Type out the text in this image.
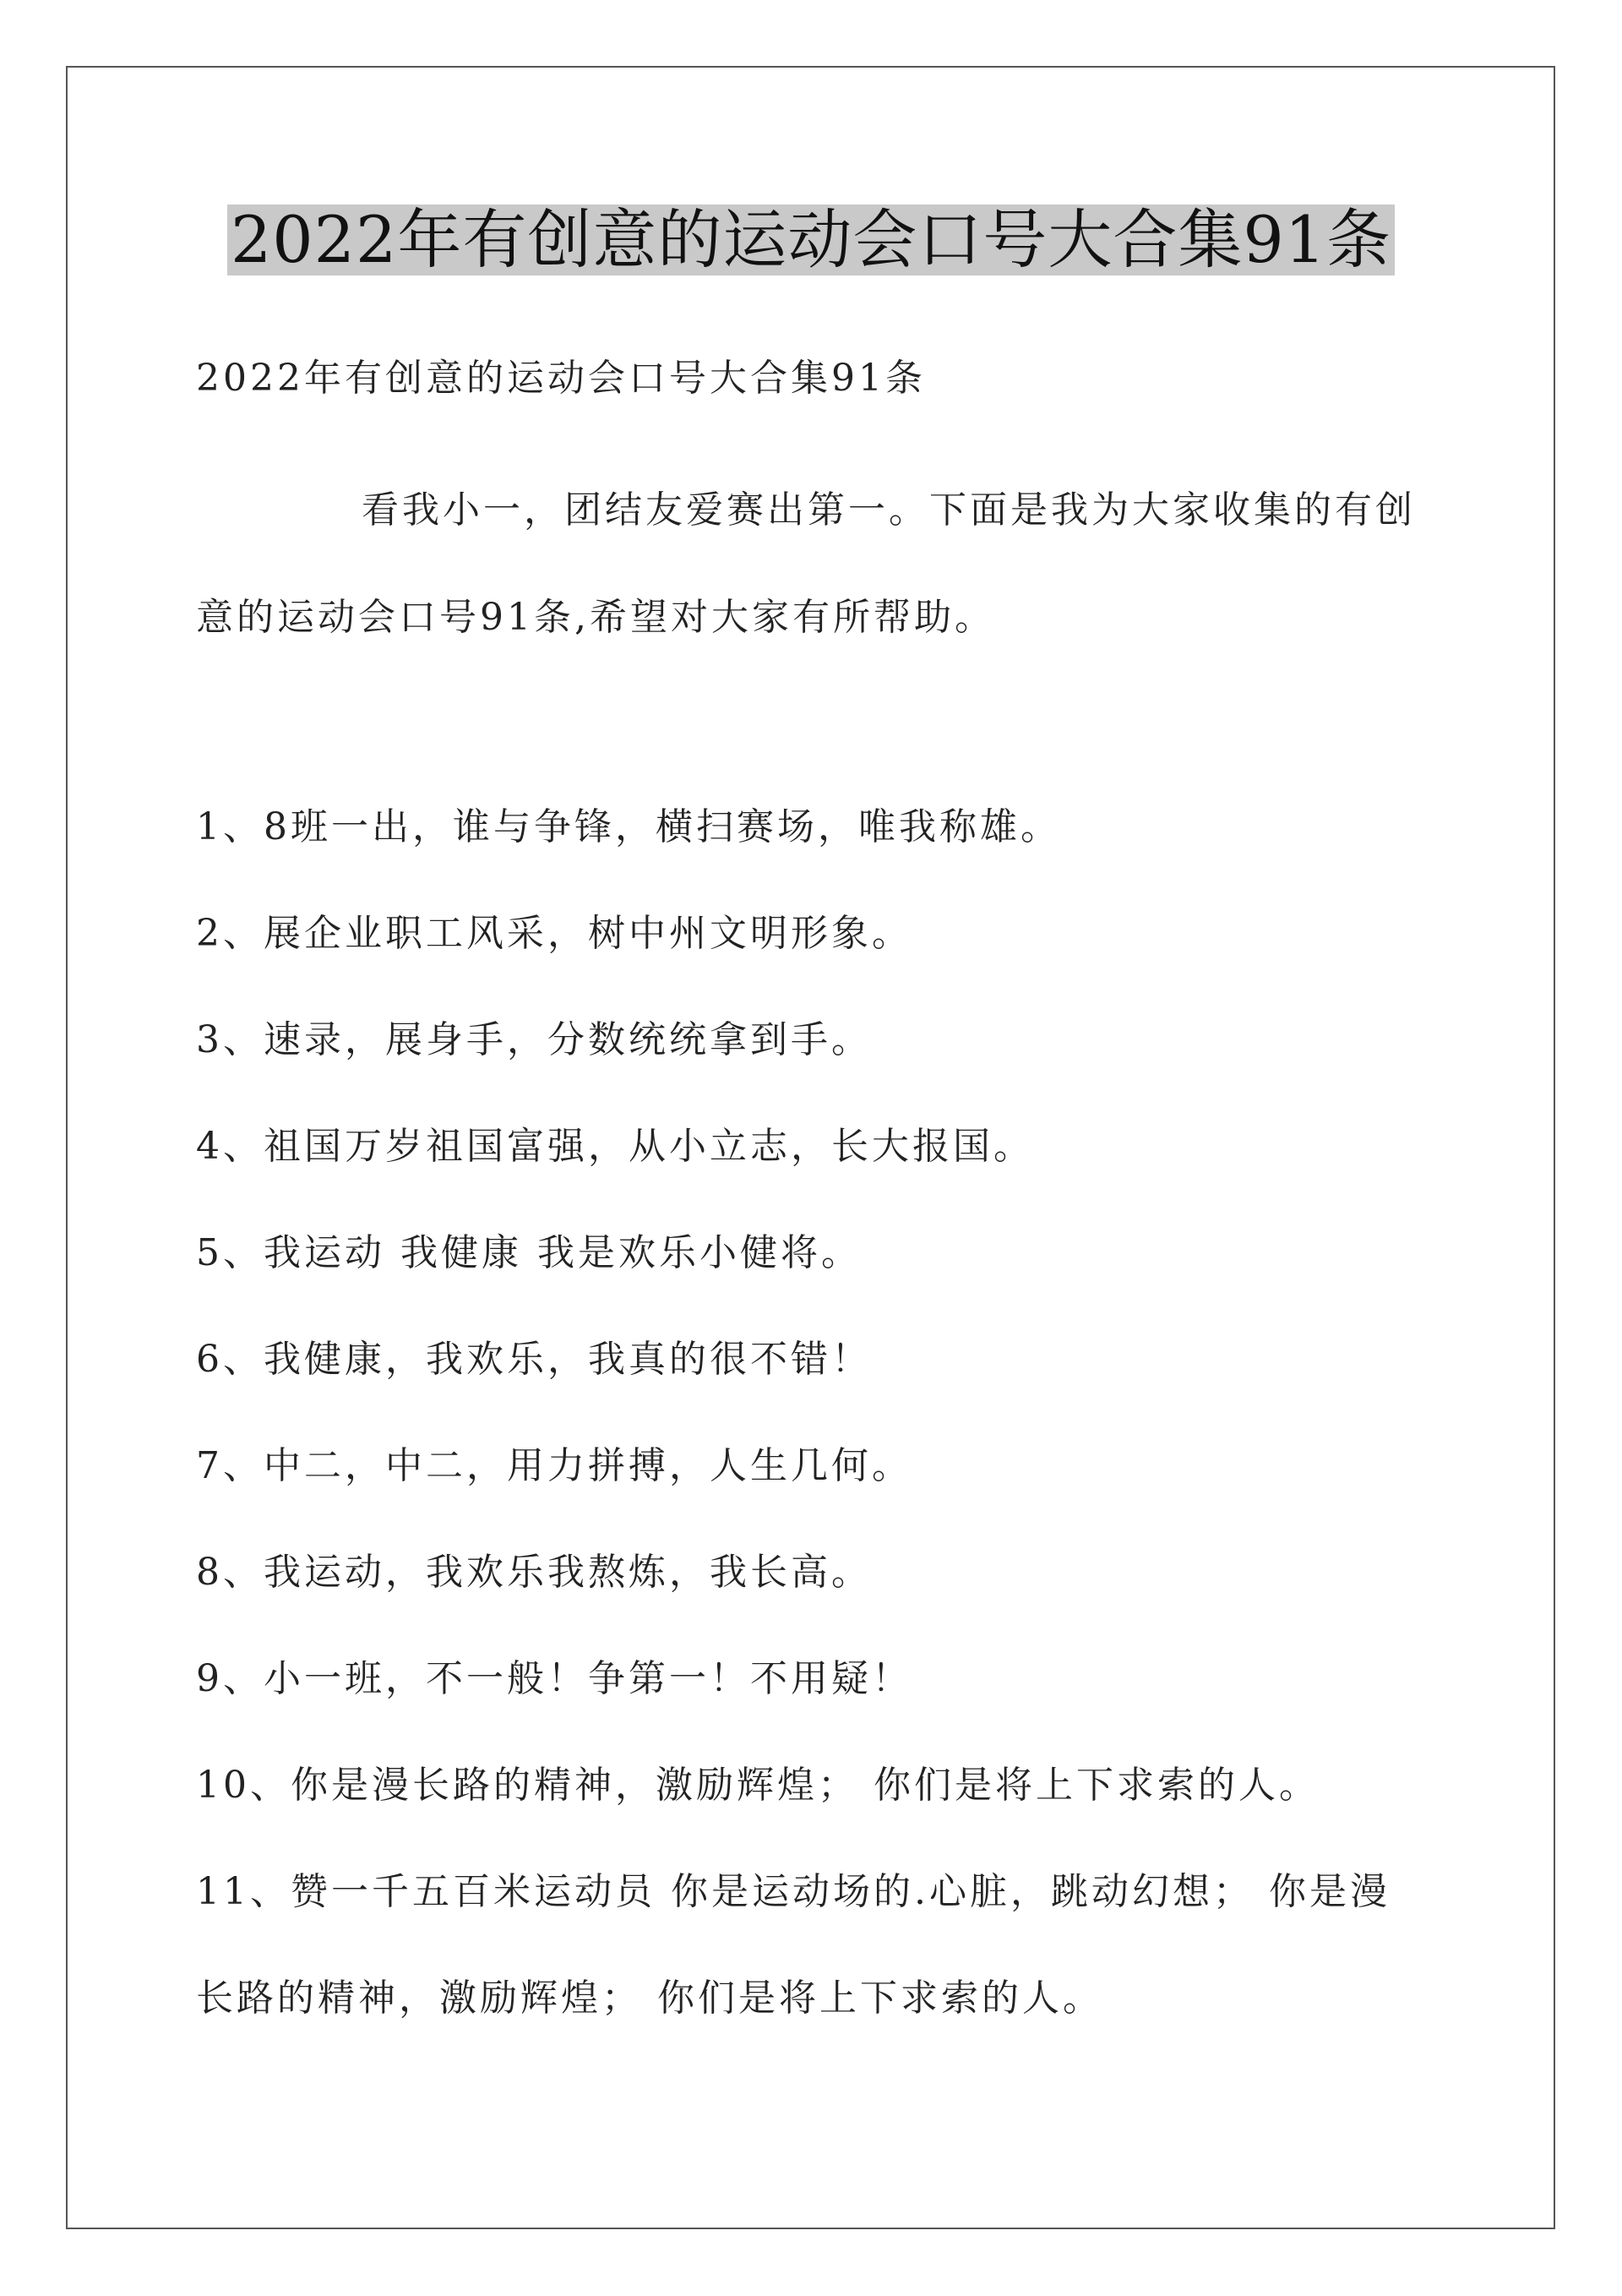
2022年有创意的运动会口号大合集91条
2022年有创意的运动会口号大合集91条
看我小一，团结友爱赛出第一。下面是我为大家收集的有创意的运动会口号91条,希望对大家有所帮助。
1、8班一出，谁与争锋，横扫赛场，唯我称雄。
2、展企业职工风采，树中州文明形象。
3、速录，展身手，分数统统拿到手。
4、祖国万岁祖国富强，从小立志，长大报国。
5、我运动 我健康 我是欢乐小健将。
6、我健康，我欢乐，我真的很不错！
7、中二，中二，用力拼搏，人生几何。
8、我运动，我欢乐我熬炼，我长高。
9、小一班，不一般！争第一！不用疑！
10、你是漫长路的精神，激励辉煌； 你们是将上下求索的人。
11、赞一千五百米运动员 你是运动场的.心脏，跳动幻想； 你是漫长路的精神，激励辉煌； 你们是将上下求索的人。
